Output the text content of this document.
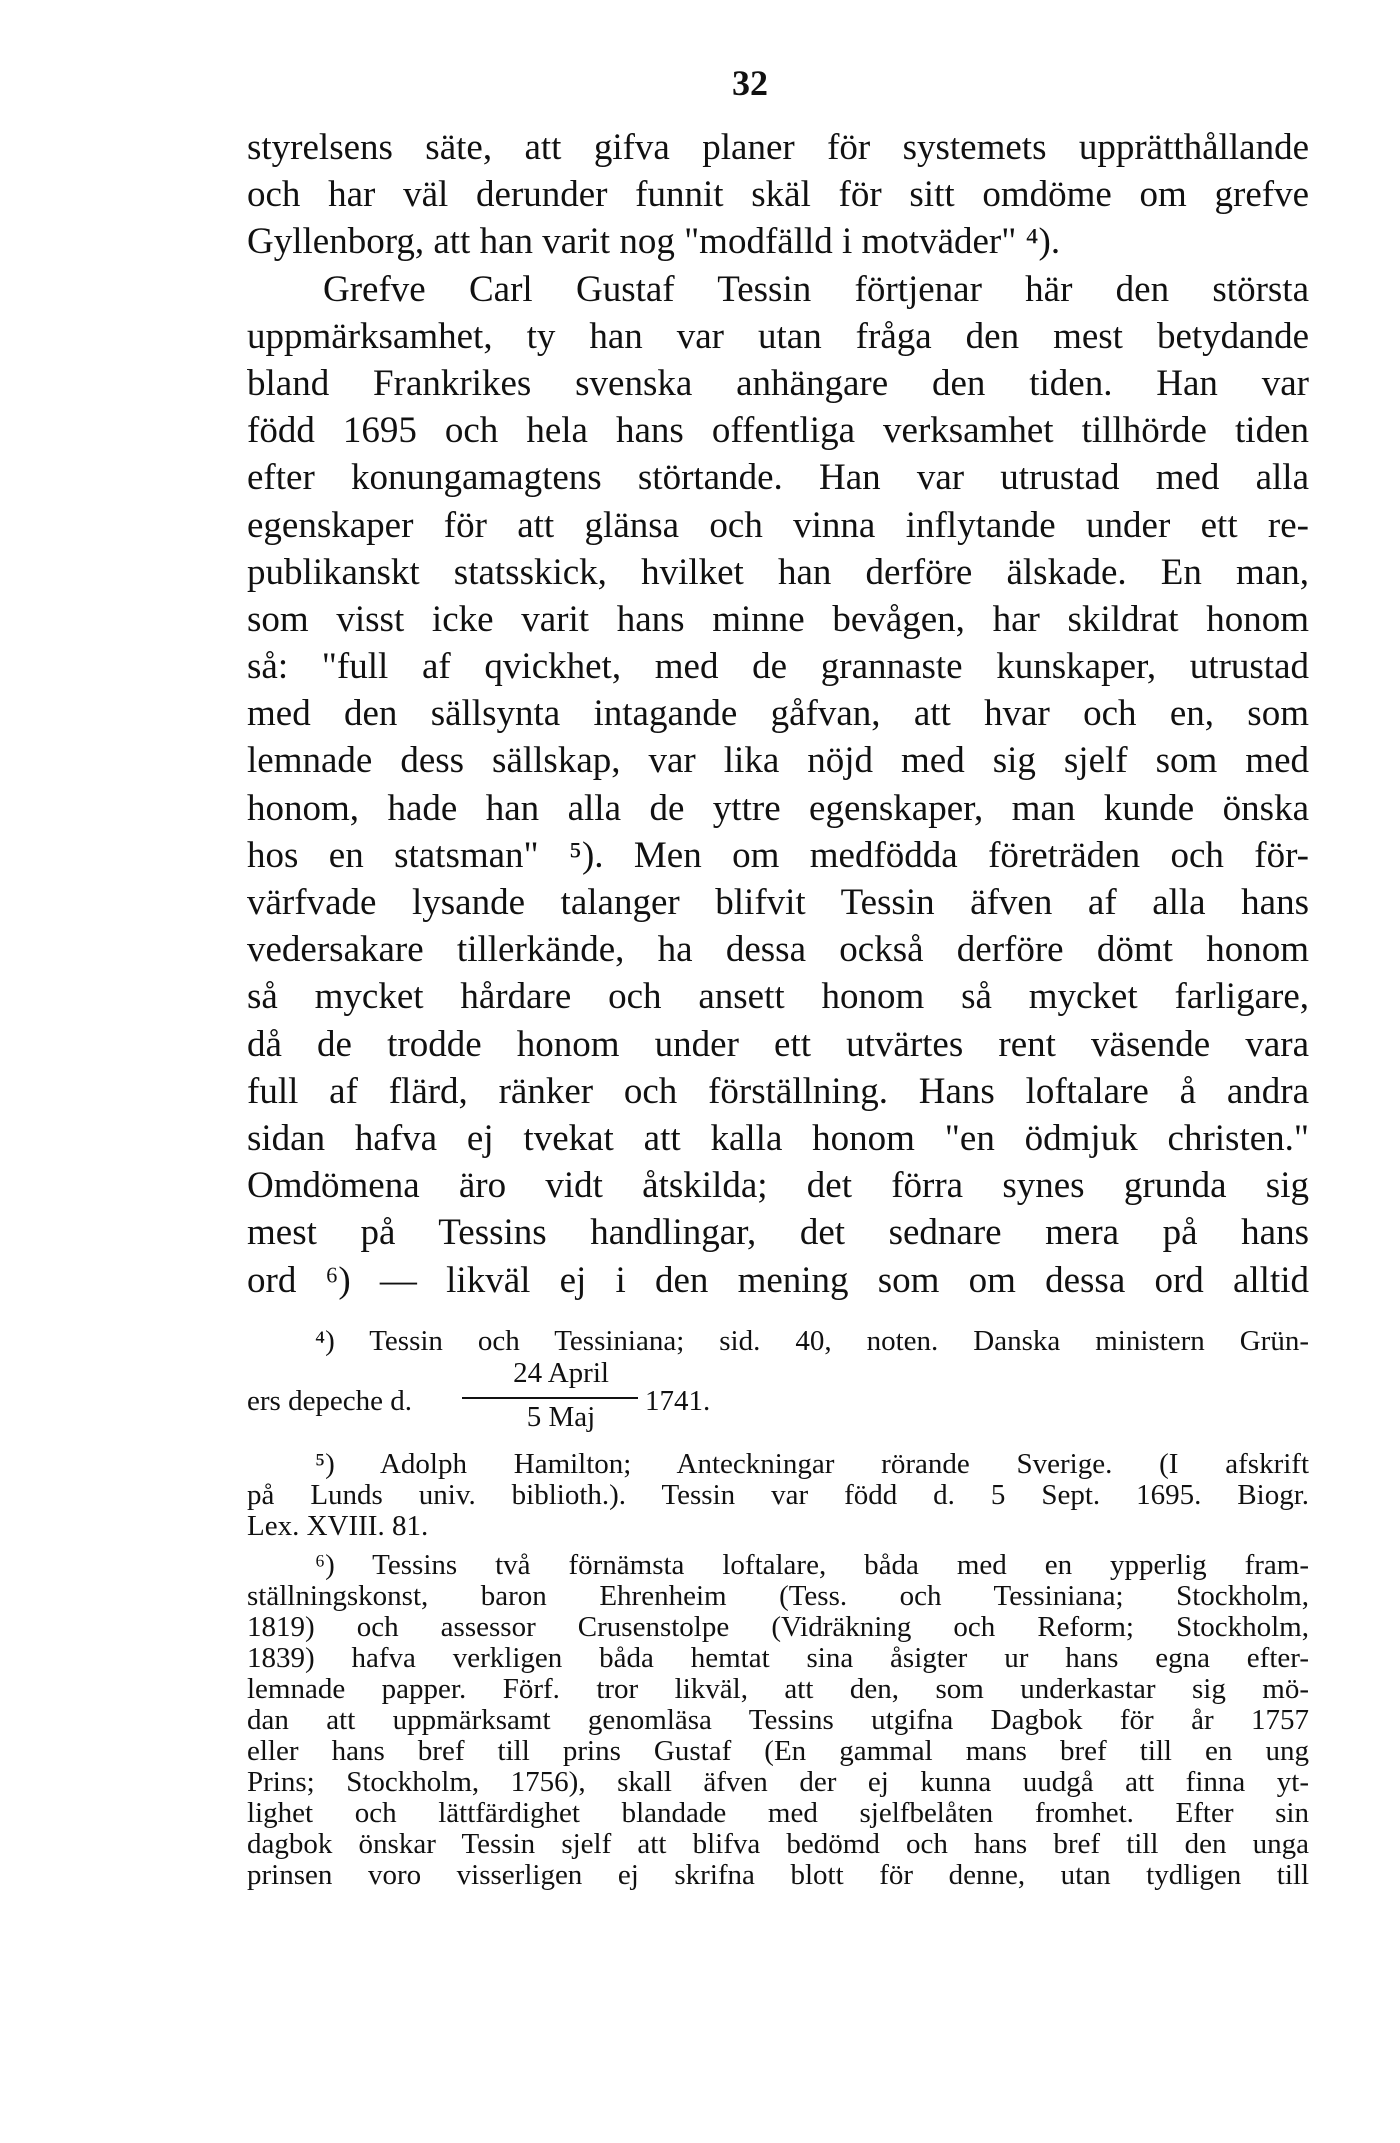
32
styrelsens säte, att gifva planer för systemets upprätthållande
och har väl derunder funnit skäl för sitt omdöme om grefve
Gyllenborg, att han varit nog "modfälld i motväder" ⁴).
Grefve Carl Gustaf Tessin förtjenar här den största
uppmärksamhet, ty han var utan fråga den mest betydande
bland Frankrikes svenska anhängare den tiden. Han var
född 1695 och hela hans offentliga verksamhet tillhörde tiden
efter konungamagtens störtande. Han var utrustad med alla
egenskaper för att glänsa och vinna inflytande under ett re-
publikanskt statsskick, hvilket han derföre älskade. En man,
som visst icke varit hans minne bevågen, har skildrat honom
så: "full af qvickhet, med de grannaste kunskaper, utrustad
med den sällsynta intagande gåfvan, att hvar och en, som
lemnade dess sällskap, var lika nöjd med sig sjelf som med
honom, hade han alla de yttre egenskaper, man kunde önska
hos en statsman" ⁵). Men om medfödda företräden och för-
värfvade lysande talanger blifvit Tessin äfven af alla hans
vedersakare tillerkände, ha dessa också derföre dömt honom
så mycket hårdare och ansett honom så mycket farligare,
då de trodde honom under ett utvärtes rent väsende vara
full af flärd, ränker och förställning. Hans loftalare å andra
sidan hafva ej tvekat att kalla honom "en ödmjuk christen."
Omdömena äro vidt åtskilda; det förra synes grunda sig
mest på Tessins handlingar, det sednare mera på hans
ord ⁶) — likväl ej i den mening som om dessa ord alltid
⁴) Tessin och Tessiniana; sid. 40, noten. Danska ministern Grün-
ers depeche d.
24 April
5 Maj	1741.
⁵) Adolph Hamilton; Anteckningar rörande Sverige. (I afskrift
på Lunds univ. biblioth.). Tessin var född d. 5 Sept. 1695. Biogr.
Lex. XVIII. 81.
⁶) Tessins två förnämsta loftalare, båda med en ypperlig fram-
ställningskonst, baron Ehrenheim (Tess. och Tessiniana; Stockholm,
1819) och assessor Crusenstolpe (Vidräkning och Reform; Stockholm,
1839) hafva verkligen båda hemtat sina åsigter ur hans egna efter-
lemnade papper. Förf. tror likväl, att den, som underkastar sig mö-
dan att uppmärksamt genomläsa Tessins utgifna Dagbok för år 1757
eller hans bref till prins Gustaf (En gammal mans bref till en ung
Prins; Stockholm, 1756), skall äfven der ej kunna uudgå att finna yt-
lighet och lättfärdighet blandade med sjelfbelåten fromhet. Efter sin
dagbok önskar Tessin sjelf att blifva bedömd och hans bref till den unga
prinsen voro visserligen ej skrifna blott för denne, utan tydligen till
